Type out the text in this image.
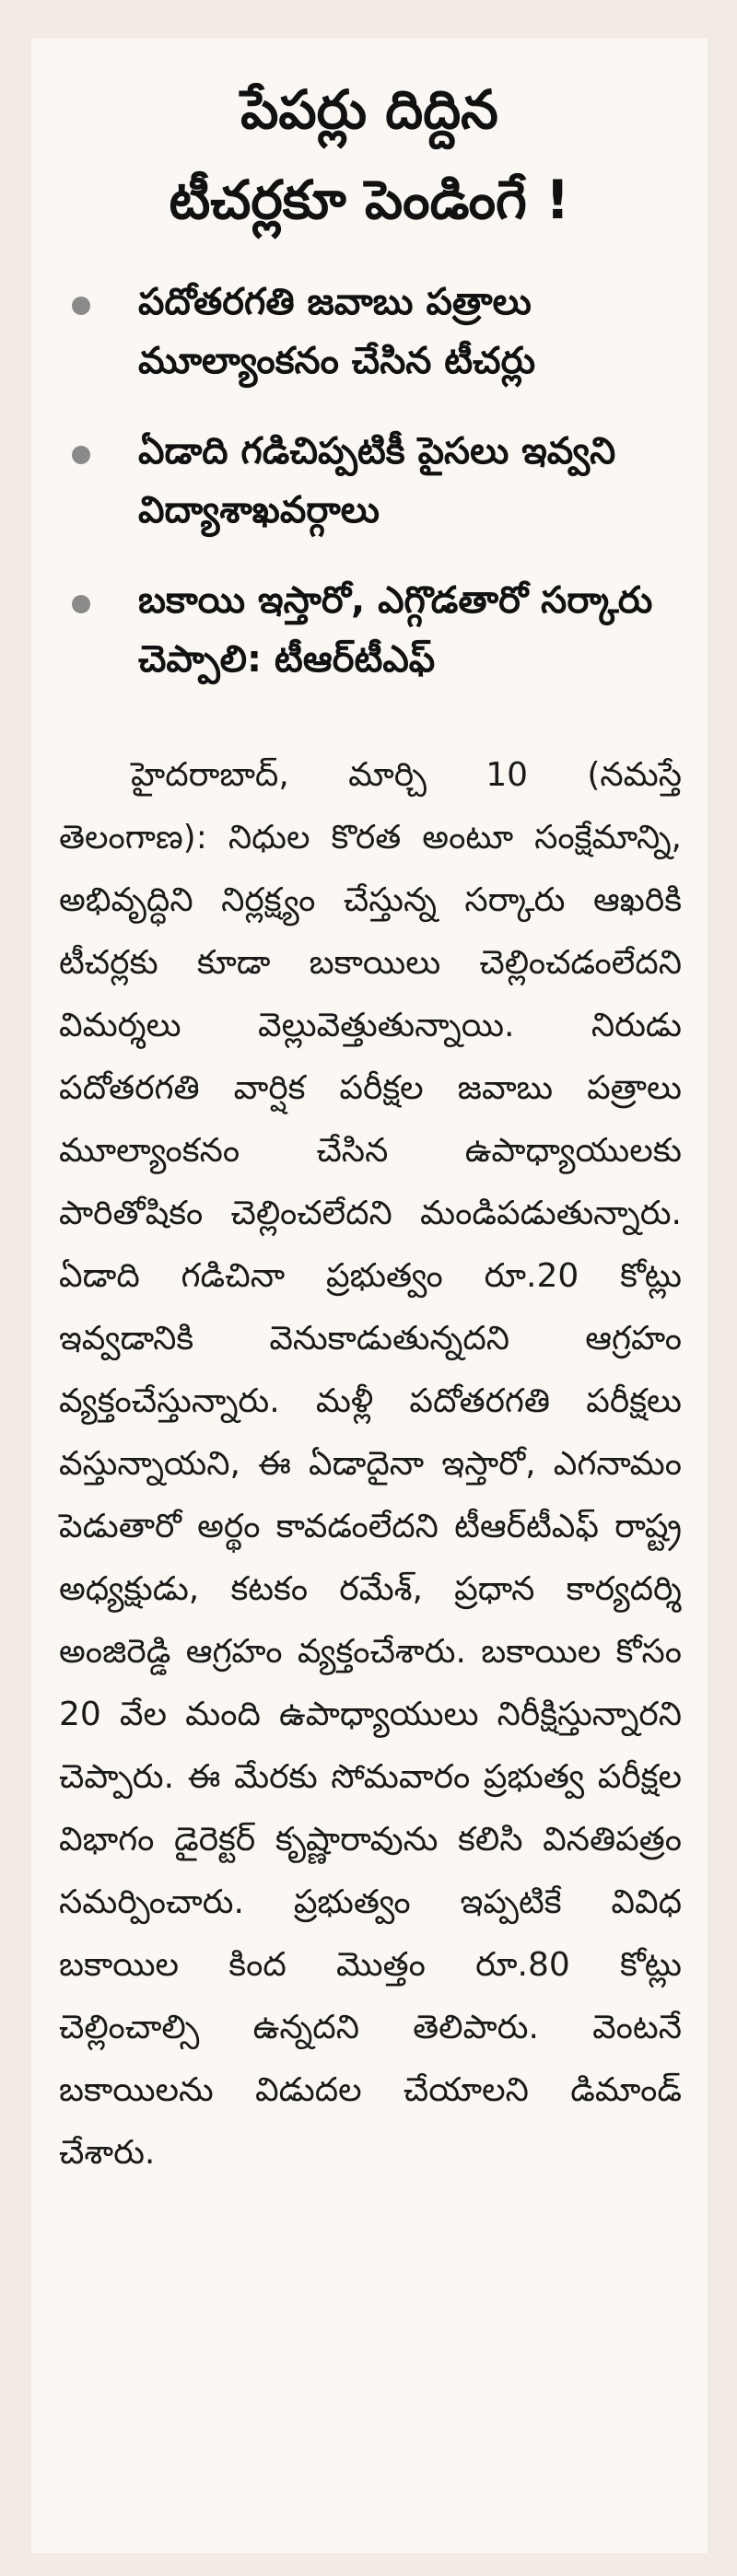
పేపర్లు దిద్దిన
టీచర్లకూ పెండింగే !
పదోతరగతి జవాబు పత్రాలు మూల్యాంకనం చేసిన టీచర్లు
ఏడాది గడిచిప్పటికీ పైసలు ఇవ్వని విద్యాశాఖవర్గాలు
బకాయి ఇస్తారో, ఎగ్గొడతారో సర్కారు చెప్పాలి: టీఆర్‌టీఎఫ్

హైదరాబాద్, మార్చి 10 (నమస్తే తెలంగాణ): నిధుల కొరత అంటూ సంక్షేమాన్ని, అభివృద్ధిని నిర్లక్ష్యం చేస్తున్న సర్కారు ఆఖరికి టీచర్లకు కూడా బకాయిలు చెల్లించడంలేదని విమర్శలు వెల్లువెత్తుతున్నాయి. నిరుడు పదోతరగతి వార్షిక పరీక్షల జవాబు పత్రాలు మూల్యాంకనం చేసిన ఉపాధ్యాయులకు పారితోషికం చెల్లించలేదని మండిపడుతున్నారు. ఏడాది గడిచినా ప్రభుత్వం రూ.20 కోట్లు ఇవ్వడానికి వెనుకాడుతున్నదని ఆగ్రహం వ్యక్తంచేస్తున్నారు. మళ్లీ పదోతరగతి పరీక్షలు వస్తున్నాయని, ఈ ఏడాదైనా ఇస్తారో, ఎగనామం పెడుతారో అర్థం కావడంలేదని టీఆర్‌టీఎఫ్ రాష్ట్ర అధ్యక్షుడు, కటకం రమేశ్, ప్రధాన కార్యదర్శి అంజిరెడ్డి ఆగ్రహం వ్యక్తంచేశారు. బకాయిల కోసం 20 వేల మంది ఉపాధ్యాయులు నిరీక్షిస్తున్నారని చెప్పారు. ఈ మేరకు సోమవారం ప్రభుత్వ పరీక్షల విభాగం డైరెక్టర్ కృష్ణారావును కలిసి వినతిపత్రం సమర్పించారు. ప్రభుత్వం ఇప్పటికే వివిధ బకాయిల కింద మొత్తం రూ.80 కోట్లు చెల్లించాల్సి ఉన్నదని తెలిపారు. వెంటనే బకాయిలను విడుదల చేయాలని డిమాండ్ చేశారు.
